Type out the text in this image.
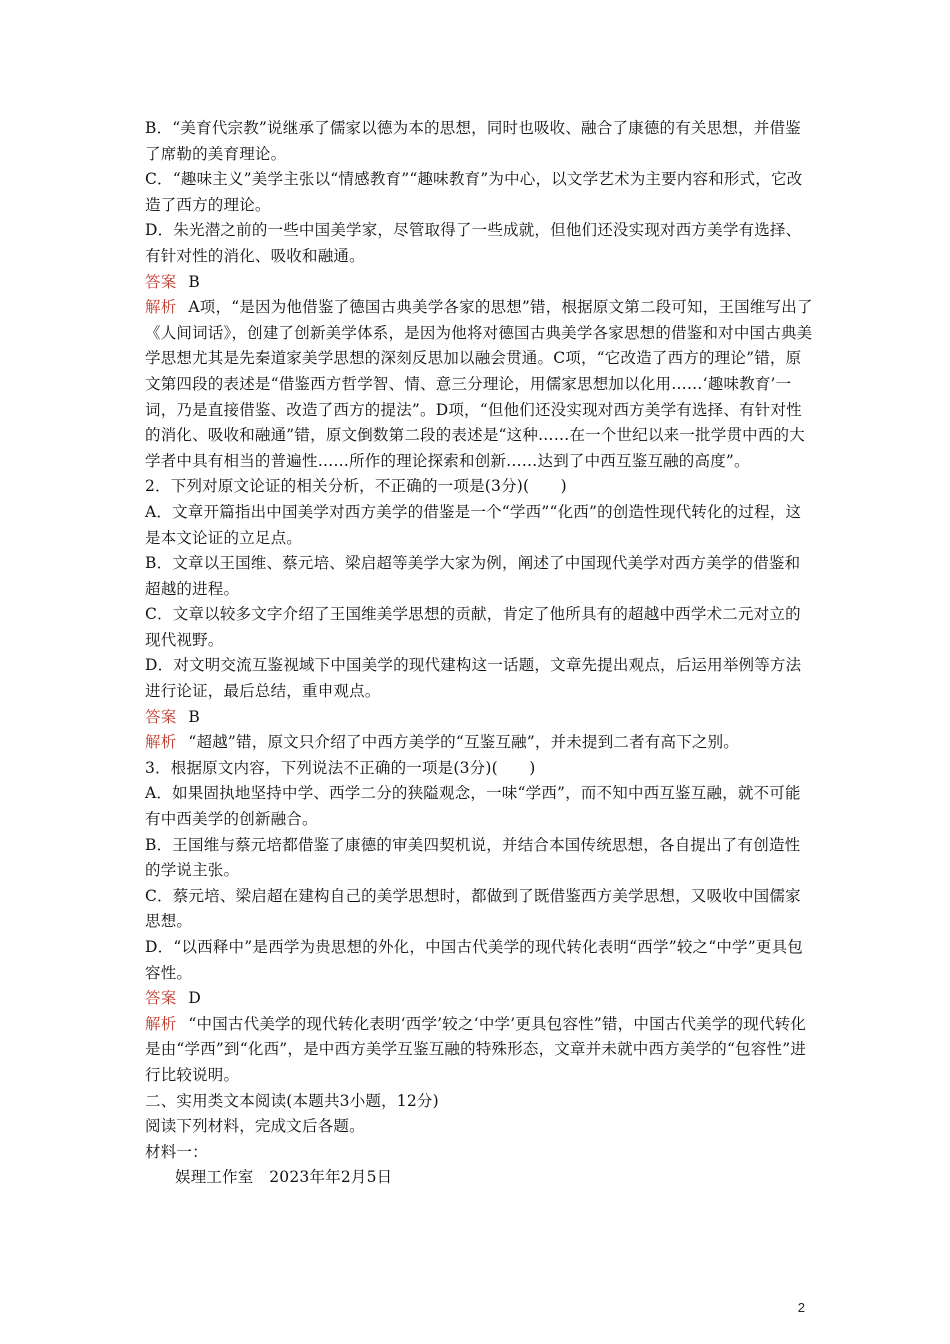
B．“美育代宗教”说继承了儒家以德为本的思想，同时也吸收、融合了康德的有关思想，并借鉴了席勒的美育理论。

C．“趣味主义”美学主张以“情感教育”“趣味教育”为中心，以文学艺术为主要内容和形式，它改造了西方的理论。

D．朱光潜之前的一些中国美学家，尽管取得了一些成就，但他们还没实现对西方美学有选择、有针对性的消化、吸收和融通。

答案 B

解析 A项，“是因为他借鉴了德国古典美学各家的思想”错，根据原文第二段可知，王国维写出了《人间词话》，创建了创新美学体系，是因为他将对德国古典美学各家思想的借鉴和对中国古典美学思想尤其是先秦道家美学思想的深刻反思加以融会贯通。C项，“它改造了西方的理论”错，原文第四段的表述是“借鉴西方哲学智、情、意三分理论，用儒家思想加以化用……‘趣味教育’一词，乃是直接借鉴、改造了西方的提法”。D项，“但他们还没实现对西方美学有选择、有针对性的消化、吸收和融通”错，原文倒数第二段的表述是“这种……在一个世纪以来一批学贯中西的大学者中具有相当的普遍性……所作的理论探索和创新……达到了中西互鉴互融的高度”。

2．下列对原文论证的相关分析，不正确的一项是(3分)(　　)

A．文章开篇指出中国美学对西方美学的借鉴是一个“学西”“化西”的创造性现代转化的过程，这是本文论证的立足点。

B．文章以王国维、蔡元培、梁启超等美学大家为例，阐述了中国现代美学对西方美学的借鉴和超越的进程。

C．文章以较多文字介绍了王国维美学思想的贡献，肯定了他所具有的超越中西学术二元对立的现代视野。

D．对文明交流互鉴视域下中国美学的现代建构这一话题，文章先提出观点，后运用举例等方法进行论证，最后总结，重申观点。

答案 B

解析 “超越”错，原文只介绍了中西方美学的“互鉴互融”，并未提到二者有高下之别。

3．根据原文内容，下列说法不正确的一项是(3分)(　　)

A．如果固执地坚持中学、西学二分的狭隘观念，一味“学西”，而不知中西互鉴互融，就不可能有中西美学的创新融合。

B．王国维与蔡元培都借鉴了康德的审美四契机说，并结合本国传统思想，各自提出了有创造性的学说主张。

C．蔡元培、梁启超在建构自己的美学思想时，都做到了既借鉴西方美学思想，又吸收中国儒家思想。

D．“以西释中”是西学为贵思想的外化，中国古代美学的现代转化表明“西学”较之“中学”更具包容性。

答案 D

解析 “中国古代美学的现代转化表明‘西学’较之‘中学’更具包容性”错，中国古代美学的现代转化是由“学西”到“化西”，是中西方美学互鉴互融的特殊形态，文章并未就中西方美学的“包容性”进行比较说明。

二、实用类文本阅读(本题共3小题，12分)

阅读下列材料，完成文后各题。

材料一：

娱理工作室　2023年年2月5日

2
